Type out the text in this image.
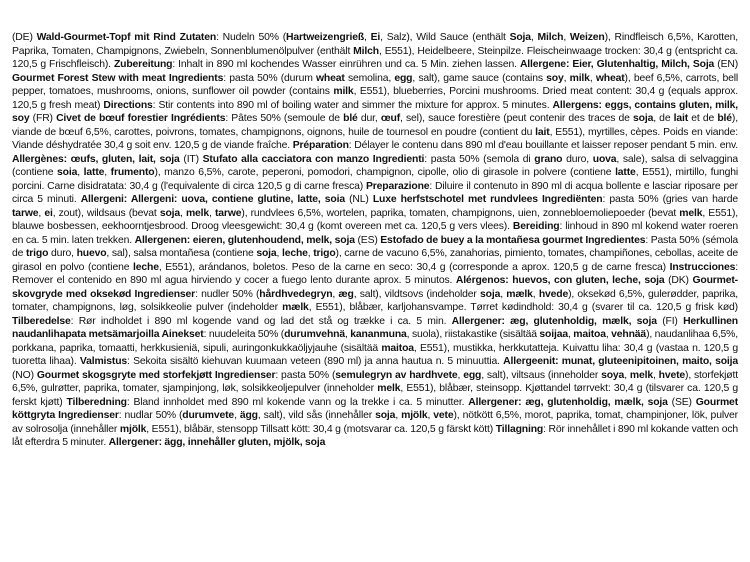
(DE) Wald-Gourmet-Topf mit Rind Zutaten: Nudeln 50% (Hartweizengrieß, Ei, Salz), Wild Sauce (enthält Soja, Milch, Weizen), Rindfleisch 6,5%, Karotten, Paprika, Tomaten, Champignons, Zwiebeln, Sonnenblumenölpulver (enthält Milch, E551), Heidelbeere, Steinpilze. Fleischeinwaage trocken: 30,4 g (entspricht ca. 120,5 g Frischfleisch). Zubereitung: Inhalt in 890 ml kochendes Wasser einrühren und ca. 5 Min. ziehen lassen. Allergene: Eier, Glutenhaltig, Milch, Soja (EN) Gourmet Forest Stew with meat Ingredients: pasta 50% (durum wheat semolina, egg, salt), game sauce (contains soy, milk, wheat), beef 6,5%, carrots, bell pepper, tomatoes, mushrooms, onions, sunflower oil powder (contains milk, E551), blueberries, Porcini mushrooms. Dried meat content: 30,4 g (equals approx. 120,5 g fresh meat) Directions: Stir contents into 890 ml of boiling water and simmer the mixture for approx. 5 minutes. Allergens: eggs, contains gluten, milk, soy (FR) Civet de bœuf forestier Ingrédients: Pâtes 50% (semoule de blé dur, œuf, sel), sauce forestière (peut contenir des traces de soja, de lait et de blé), viande de bœuf 6,5%, carottes, poivrons, tomates, champignons, oignons, huile de tournesol en poudre (contient du lait, E551), myrtilles, cèpes. Poids en viande: Viande déshydratée 30,4 g soit env. 120,5 g de viande fraîche. Préparation: Délayer le contenu dans 890 ml d'eau bouillante et laisser reposer pendant 5 min. env. Allergènes: œufs, gluten, lait, soja (IT) Stufato alla cacciatora con manzo Ingredienti: pasta 50% (semola di grano duro, uova, sale), salsa di selvaggina (contiene soia, latte, frumento), manzo 6,5%, carote, peperoni, pomodori, champignon, cipolle, olio di girasole in polvere (contiene latte, E551), mirtillo, funghi porcini. Carne disidratata: 30,4 g (l'equivalente di circa 120,5 g di carne fresca) Preparazione: Diluire il contenuto in 890 ml di acqua bollente e lasciar riposare per circa 5 minuti. Allergeni: Allergeni: uova, contiene glutine, latte, soia (NL) Luxe herfstschotel met rundvlees Ingrediënten: pasta 50% (gries van harde tarwe, ei, zout), wildsaus (bevat soja, melk, tarwe), rundvlees 6,5%, wortelen, paprika, tomaten, champignons, uien, zonnebloemoliepoeder (bevat melk, E551), blauwe bosbessen, eekhoorntjesbrood. Droog vleesgewicht: 30,4 g (komt overeen met ca. 120,5 g vers vlees). Bereiding: linhoud in 890 ml kokend water roeren en ca. 5 min. laten trekken. Allergenen: eieren, glutenhoudend, melk, soja (ES) Estofado de buey a la montañesa gourmet Ingredientes: Pasta 50% (sémola de trigo duro, huevo, sal), salsa montañesa (contiene soja, leche, trigo), carne de vacuno 6,5%, zanahorias, pimiento, tomates, champiñones, cebollas, aceite de girasol en polvo (contiene leche, E551), arándanos, boletos. Peso de la carne en seco: 30,4 g (corresponde a aprox. 120,5 g de carne fresca) Instrucciones: Remover el contenido en 890 ml agua hirviendo y cocer a fuego lento durante aprox. 5 minutos. Alérgenos: huevos, con gluten, leche, soja (DK) Gourmet-skovgryde med oksekød Ingredienser: nudler 50% (hårdhvedegryn, æg, salt), vildtsovs (indeholder soja, mælk, hvede), oksekød 6,5%, gulerødder, paprika, tomater, champignons, løg, solsikkeolie pulver (indeholder mælk, E551), blåbær, karljohansvampe. Tørret kødindhold: 30,4 g (svarer til ca. 120,5 g frisk kød) Tilberedelse: Rør indholdet i 890 ml kogende vand og lad det stå og trække i ca. 5 min. Allergener: æg, glutenholdig, mælk, soja (FI) Herkullinen naudanlihapata metsämarjoilla Ainekset: nuudeleita 50% (durumvehnä, kananmuna, suola), riistakastike (sisältää soijaa, maitoa, vehnää), naudanlihaa 6,5%, porkkana, paprika, tomaatti, herkkusieniä, sipuli, auringonkukkaöljyjauhe (sisältää maitoa, E551), mustikka, herkkutatteja. Kuivattu liha: 30,4 g (vastaa n. 120,5 g tuoretta lihaa). Valmistus: Sekoita sisältö kiehuvan kuumaan veteen (890 ml) ja anna hautua n. 5 minuuttia. Allergeenit: munat, gluteenipitoinen, maito, soija (NO) Gourmet skogsgryte med storfekjøtt Ingredienser: pasta 50% (semulegryn av hardhvete, egg, salt), viltsaus (inneholder soya, melk, hvete), storfekjøtt 6,5%, gulrøtter, paprika, tomater, sjampinjong, løk, solsikkeoljepulver (inneholder melk, E551), blåbær, steinsopp. Kjøttandel tørrvekt: 30,4 g (tilsvarer ca. 120,5 g ferskt kjøtt) Tilberedning: Bland innholdet med 890 ml kokende vann og la trekke i ca. 5 minutter. Allergener: æg, glutenholdig, mælk, soja (SE) Gourmet köttgryta Ingredienser: nudlar 50% (durumvete, ägg, salt), vild sås (innehåller soja, mjölk, vete), nötkött 6,5%, morot, paprika, tomat, champinjoner, lök, pulver av solrosolja (innehåller mjölk, E551), blåbär, stensopp Tillsatt kött: 30,4 g (motsvarar ca. 120,5 g färskt kött) Tillagning: Rör innehållet i 890 ml kokande vatten och låt efterdra 5 minuter. Allergener: ägg, innehåller gluten, mjölk, soja
